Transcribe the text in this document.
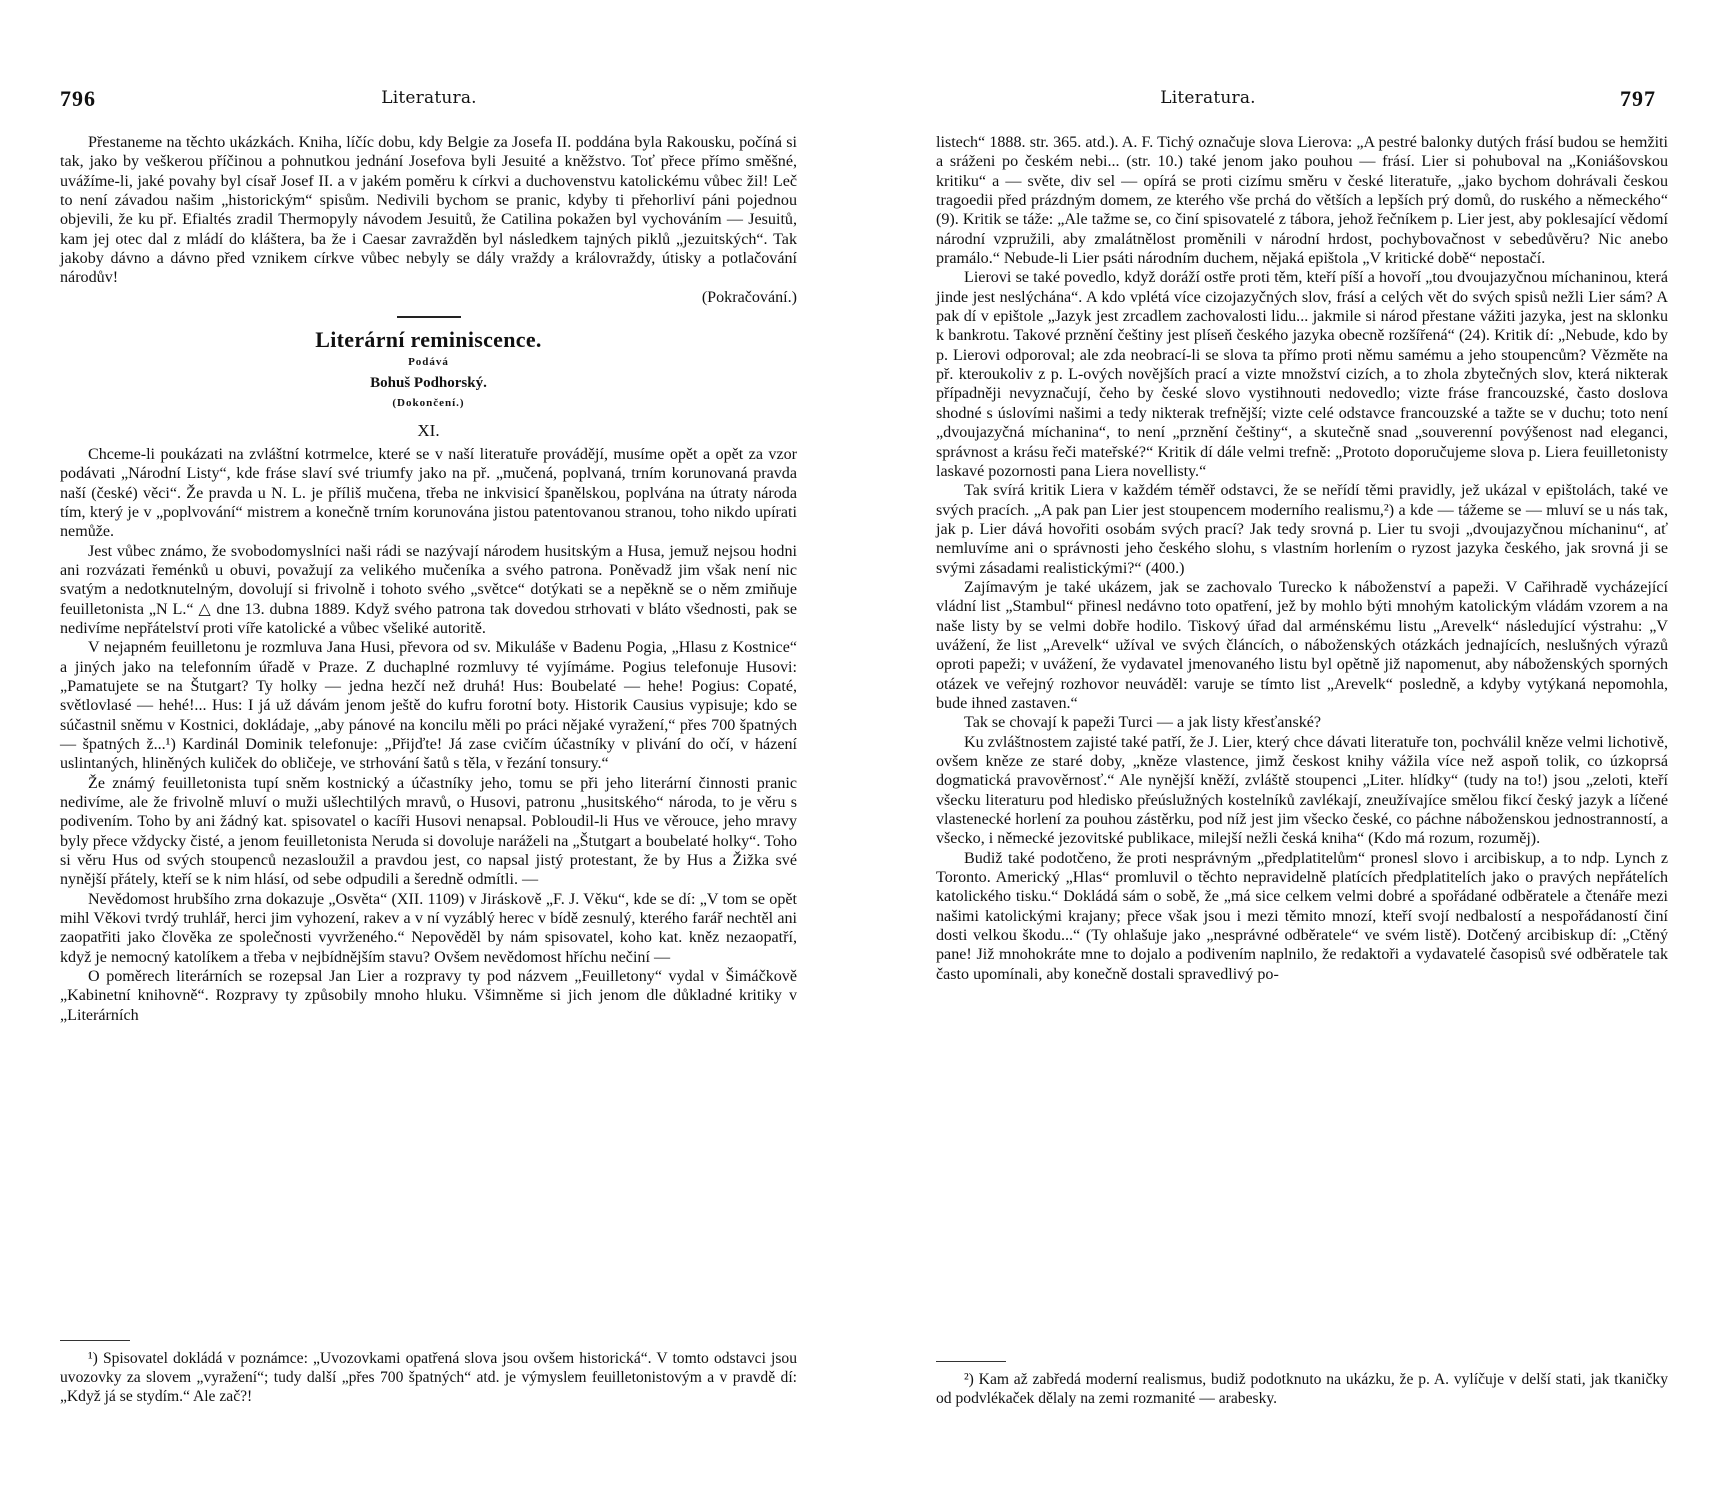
796	Literatura.

Přestaneme na těchto ukázkách. Kniha, líčíc dobu, kdy Belgie za Josefa II. poddána byla Rakousku, počíná si tak, jako by veškerou příčinou a pohnutkou jednání Josefova byli Jesuité a kněžstvo. Toť přece přímo směšné, uvážíme-li, jaké povahy byl císař Josef II. a v jakém poměru k církvi a duchovenstvu katolickému vůbec žil! Leč to není závadou našim „historickým“ spisům. Nedivili bychom se pranic, kdyby ti přehorliví páni pojednou objevili, že ku př. Efialtés zradil Thermopyly návodem Jesuitů, že Catilina pokažen byl vychováním — Jesuitů, kam jej otec dal z mládí do kláštera, ba že i Caesar zavražděn byl následkem tajných piklů „jezuitských“. Tak jakoby dávno a dávno před vznikem církve vůbec nebyly se dály vraždy a královraždy, útisky a potlačování národův!

(Pokračování.)

Literární reminiscence.
Podává
Bohuš Podhorský.
(Dokončení.)
XI.

Chceme-li poukázati na zvláštní kotrmelce, které se v naší literatuře provádějí, musíme opět a opět za vzor podávati „Národní Listy“, kde fráse slaví své triumfy jako na př. „mučená, poplvaná, trním korunovaná pravda naší (české) věci“. Že pravda u N. L. je příliš mučena, třeba ne inkvisicí španělskou, poplvána na útraty národa tím, který je v „poplvování“ mistrem a konečně trním korunována jistou patentovanou stranou, toho nikdo upírati nemůže.

Jest vůbec známo, že svobodomyslníci naši rádi se nazývají národem husitským a Husa, jemuž nejsou hodni ani rozvázati řeménků u obuvi, považují za velikého mučeníka a svého patrona. Poněvadž jim však není nic svatým a nedotknutelným, dovolují si frivolně i tohoto svého „světce“ dotýkati se a nepěkně se o něm zmiňuje feuilletonista „N L.“ △ dne 13. dubna 1889. Když svého patrona tak dovedou strhovati v bláto všednosti, pak se nedivíme nepřátelství proti víře katolické a vůbec všeliké autoritě.

V nejapném feuilletonu je rozmluva Jana Husi, převora od sv. Mikuláše v Badenu Pogia, „Hlasu z Kostnice“ a jiných jako na telefonním úřadě v Praze. Z duchaplné rozmluvy té vyjímáme. Pogius telefonuje Husovi: „Pamatujete se na Štutgart? Ty holky — jedna hezčí než druhá! Hus: Boubelaté — hehe! Pogius: Copaté, světlovlasé — hehé!... Hus: I já už dávám jenom ještě do kufru forotní boty. Historik Causius vypisuje; kdo se súčastnil sněmu v Kostnici, dokládaje, „aby pánové na koncilu měli po práci nějaké vyražení,“ přes 700 špatných — špatných ž...¹) Kardinál Dominik telefonuje: „Přijďte! Já zase cvičím účastníky v plivání do očí, v házení uslintaných, hliněných kuliček do obličeje, ve strhování šatů s těla, v řezání tonsury.“

Že známý feuilletonista tupí sněm kostnický a účastníky jeho, tomu se při jeho literární činnosti pranic nedivíme, ale že frivolně mluví o muži ušlechtilých mravů, o Husovi, patronu „husitského“ národa, to je věru s podivením. Toho by ani žádný kat. spisovatel o kacíři Husovi nenapsal. Pobloudil-li Hus ve věrouce, jeho mravy byly přece vždycky čisté, a jenom feuilletonista Neruda si dovoluje naráželi na „Štutgart a boubelaté holky“. Toho si věru Hus od svých stoupenců nezasloužil a pravdou jest, co napsal jistý protestant, že by Hus a Žižka své nynější přátely, kteří se k nim hlásí, od sebe odpudili a šeredně odmítli. —

Nevědomost hrubšího zrna dokazuje „Osvěta“ (XII. 1109) v Jiráskově „F. J. Věku“, kde se dí: „V tom se opět mihl Věkovi tvrdý truhlář, herci jim vyhození, rakev a v ní vyzáblý herec v bídě zesnulý, kterého farář nechtěl ani zaopatřiti jako člověka ze společnosti vyvrženého.“ Nepověděl by nám spisovatel, koho kat. kněz nezaopatří, když je nemocný katolíkem a třeba v nejbídnějším stavu? Ovšem nevědomost hříchu nečiní —

O poměrech literárních se rozepsal Jan Lier a rozpravy ty pod názvem „Feuilletony“ vydal v Šimáčkově „Kabinetní knihovně“. Rozpravy ty způsobily mnoho hluku. Všimněme si jich jenom dle důkladné kritiky v „Literárních

¹) Spisovatel dokládá v poznámce: „Uvozovkami opatřená slova jsou ovšem historická“. V tomto odstavci jsou uvozovky za slovem „vyražení“; tudy další „přes 700 špatných“ atd. je výmyslem feuilletonistovým a v pravdě dí: „Když já se stydím.“ Ale zač?!

Literatura.	797

listech“ 1888. str. 365. atd.). A. F. Tichý označuje slova Lierova: „A pestré balonky dutých frásí budou se hemžiti a sráženi po českém nebi... (str. 10.) také jenom jako pouhou — frásí. Lier si pohuboval na „Koniášovskou kritiku“ a — světe, div sel — opírá se proti cizímu směru v české literatuře, „jako bychom dohrávali českou tragoedii před prázdným domem, ze kterého vše prchá do větších a lepších prý domů, do ruského a německého“ (9). Kritik se táže: „Ale tažme se, co činí spisovatelé z tábora, jehož řečníkem p. Lier jest, aby poklesající vědomí národní vzpružili, aby zmalátnělost proměnili v národní hrdost, pochybovačnost v sebedůvěru? Nic anebo pramálo.“ Nebude-li Lier psáti národním duchem, nějaká epištola „V kritické době“ nepostačí.

Lierovi se také povedlo, když doráží ostře proti těm, kteří píší a hovoří „tou dvoujazyčnou míchaninou, která jinde jest neslýchána“. A kdo vplétá více cizojazyčných slov, frásí a celých vět do svých spisů nežli Lier sám? A pak dí v epištole „Jazyk jest zrcadlem zachovalosti lidu... jakmile si národ přestane vážiti jazyka, jest na sklonku k bankrotu. Takové prznění češtiny jest plíseň českého jazyka obecně rozšířená“ (24). Kritik dí: „Nebude, kdo by p. Lierovi odporoval; ale zda neobrací-li se slova ta přímo proti němu samému a jeho stoupencům? Vězměte na př. kteroukoliv z p. L-ových novějších prací a vizte množství cizích, a to zhola zbytečných slov, která nikterak případněji nevyznačují, čeho by české slovo vystihnouti nedovedlo; vizte fráse francouzské, často doslova shodné s úslovími našimi a tedy nikterak trefnější; vizte celé odstavce francouzské a tažte se v duchu; toto není „dvoujazyčná míchanina“, to není „prznění češtiny“, a skutečně snad „souverenní povýšenost nad eleganci, správnost a krásu řeči mateřské?“ Kritik dí dále velmi trefně: „Prototo doporučujeme slova p. Liera feuilletonisty laskavé pozornosti pana Liera novellisty.“

Tak svírá kritik Liera v každém téměř odstavci, že se neřídí těmi pravidly, jež ukázal v epištolách, také ve svých pracích. „A pak pan Lier jest stoupencem moderního realismu,²) a kde — tážeme se — mluví se u nás tak, jak p. Lier dává hovořiti osobám svých prací? Jak tedy srovná p. Lier tu svoji „dvoujazyčnou míchaninu“, ať nemluvíme ani o správnosti jeho českého slohu, s vlastním horlením o ryzost jazyka českého, jak srovná ji se svými zásadami realistickými?“ (400.)

Zajímavým je také ukázem, jak se zachovalo Turecko k náboženství a papeži. V Cařihradě vycházející vládní list „Stambul“ přinesl nedávno toto opatření, jež by mohlo býti mnohým katolickým vládám vzorem a na naše listy by se velmi dobře hodilo. Tiskový úřad dal arménskému listu „Arevelk“ následující výstrahu: „V uvážení, že list „Arevelk“ užíval ve svých článcích, o náboženských otázkách jednajících, neslušných výrazů oproti papeži; v uvážení, že vydavatel jmenovaného listu byl opětně již napomenut, aby náboženských sporných otázek ve veřejný rozhovor neuváděl: varuje se tímto list „Arevelk“ posledně, a kdyby vytýkaná nepomohla, bude ihned zastaven.“

Tak se chovají k papeži Turci — a jak listy křesťanské?

Ku zvláštnostem zajisté také patří, že J. Lier, který chce dávati literatuře ton, pochválil kněze velmi lichotivě, ovšem kněze ze staré doby, „kněze vlastence, jimž českost knihy vážila více než aspoň tolik, co úzkoprsá dogmatická pravověrnosť.“ Ale nynější kněží, zvláště stoupenci „Liter. hlídky“ (tudy na to!) jsou „zeloti, kteří všecku literaturu pod hledisko přeúslužných kostelníků zavlékají, zneužívajíce smělou fikcí český jazyk a líčené vlastenecké horlení za pouhou zástěrku, pod níž jest jim všecko české, co páchne náboženskou jednostranností, a všecko, i německé jezovitské publikace, milejší nežli česká kniha“ (Kdo má rozum, rozuměj).

Budiž také podotčeno, že proti nesprávným „předplatitelům“ pronesl slovo i arcibiskup, a to ndp. Lynch z Toronto. Americký „Hlas“ promluvil o těchto nepravidelně platících předplatitelích jako o pravých nepřátelích katolického tisku.“ Dokládá sám o sobě, že „má sice celkem velmi dobré a spořádané odběratele a čtenáře mezi našimi katolickými krajany; přece však jsou i mezi těmito mnozí, kteří svojí nedbalostí a nespořádaností činí dosti velkou škodu...“ (Ty ohlašuje jako „nesprávné odběratele“ ve svém listě). Dotčený arcibiskup dí: „Ctěný pane! Již mnohokráte mne to dojalo a podivením naplnilo, že redaktoři a vydavatelé časopisů své odběratele tak často upomínali, aby konečně dostali spravedlivý po-

²) Kam až zabředá moderní realismus, budiž podotknuto na ukázku, že p. A. vylíčuje v delší stati, jak tkaničky od podvlékaček dělaly na zemi rozmanité — arabesky.
